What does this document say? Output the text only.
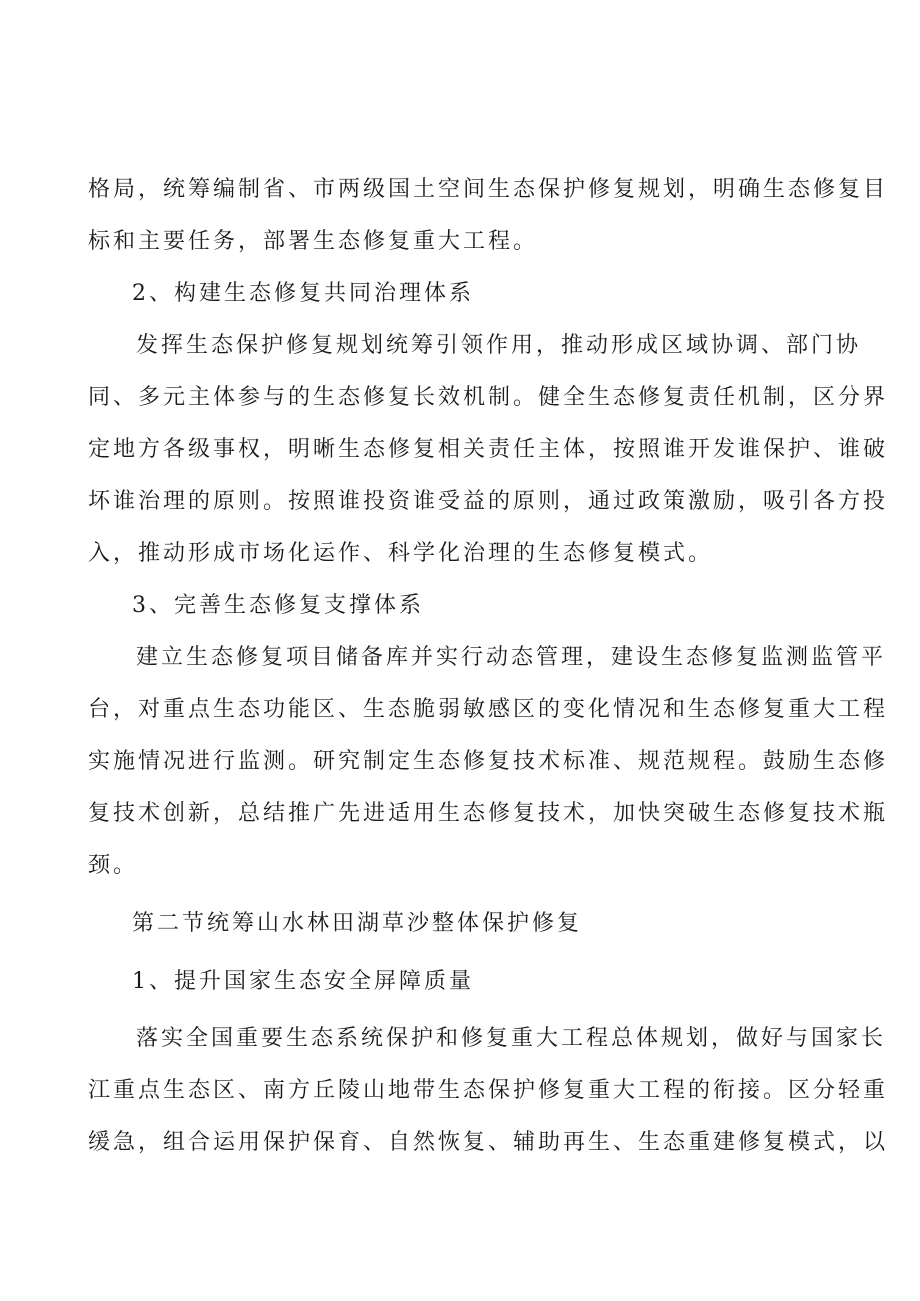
格局，统筹编制省、市两级国土空间生态保护修复规划，明确生态修复目

标和主要任务，部署生态修复重大工程。

2、构建生态修复共同治理体系

发挥生态保护修复规划统筹引领作用，推动形成区域协调、部门协

同、多元主体参与的生态修复长效机制。健全生态修复责任机制，区分界

定地方各级事权，明晰生态修复相关责任主体，按照谁开发谁保护、谁破

坏谁治理的原则。按照谁投资谁受益的原则，通过政策激励，吸引各方投

入，推动形成市场化运作、科学化治理的生态修复模式。

3、完善生态修复支撑体系

建立生态修复项目储备库并实行动态管理，建设生态修复监测监管平

台，对重点生态功能区、生态脆弱敏感区的变化情况和生态修复重大工程

实施情况进行监测。研究制定生态修复技术标准、规范规程。鼓励生态修

复技术创新，总结推广先进适用生态修复技术，加快突破生态修复技术瓶

颈。

第二节统筹山水林田湖草沙整体保护修复

1、提升国家生态安全屏障质量

落实全国重要生态系统保护和修复重大工程总体规划，做好与国家长

江重点生态区、南方丘陵山地带生态保护修复重大工程的衔接。区分轻重

缓急，组合运用保护保育、自然恢复、辅助再生、生态重建修复模式，以
